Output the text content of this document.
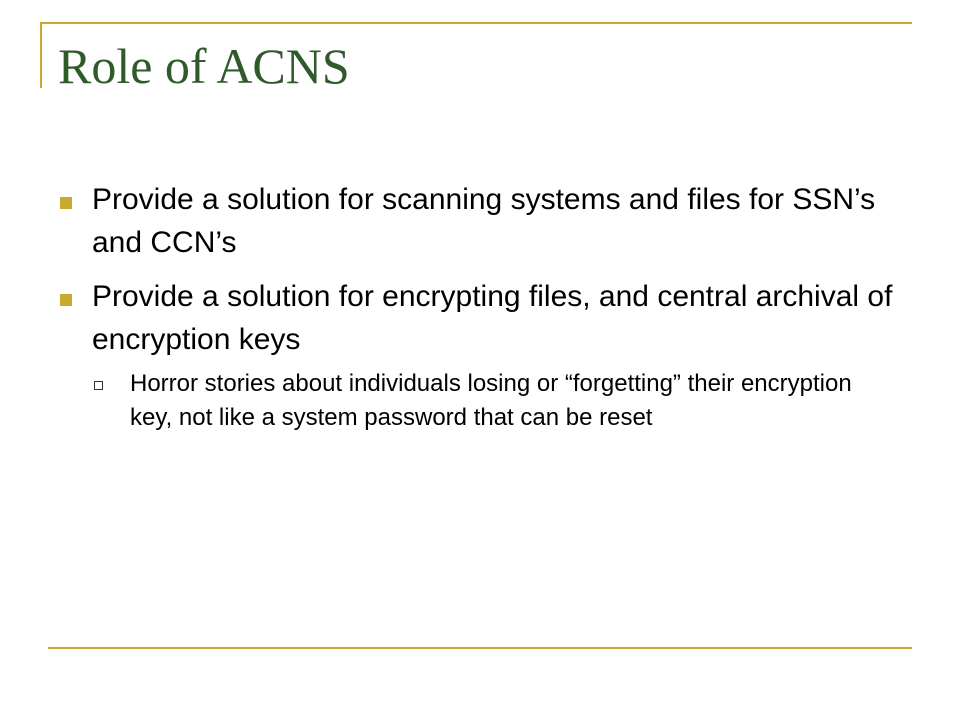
Role of ACNS
Provide a solution for scanning systems and files for SSN’s and CCN’s
Provide a solution for encrypting files, and central archival of encryption keys
Horror stories about individuals losing or “forgetting” their encryption key, not like a system password that can be reset
